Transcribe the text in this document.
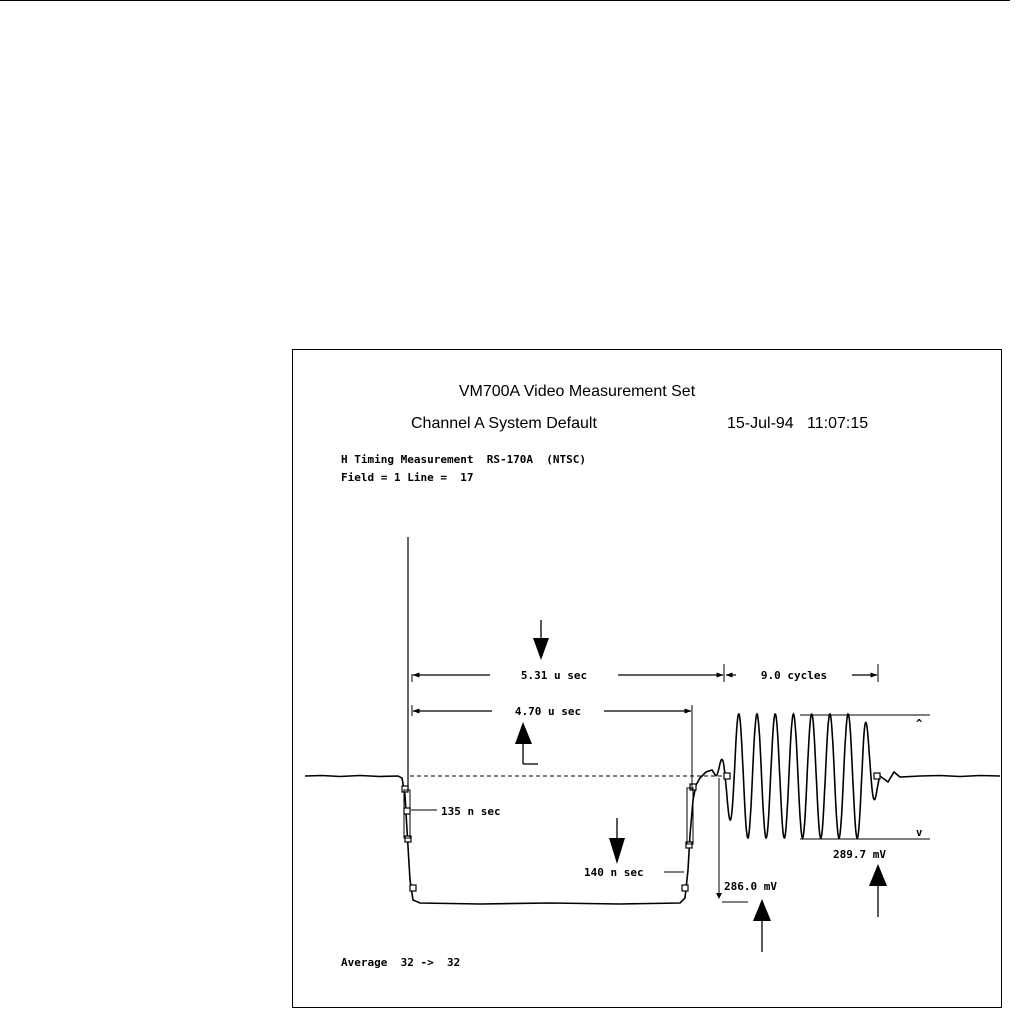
VM700A Video Measurement Set
Channel A System Default	15-Jul-94   11:07:15
H Timing Measurement  RS-170A  (NTSC)
Field = 1 Line =  17
5.31 u sec	9.0 cycles
4.70 u sec
135 n sec
140 n sec
286.0 mV
^
v
289.7 mV
Average  32 ->  32
